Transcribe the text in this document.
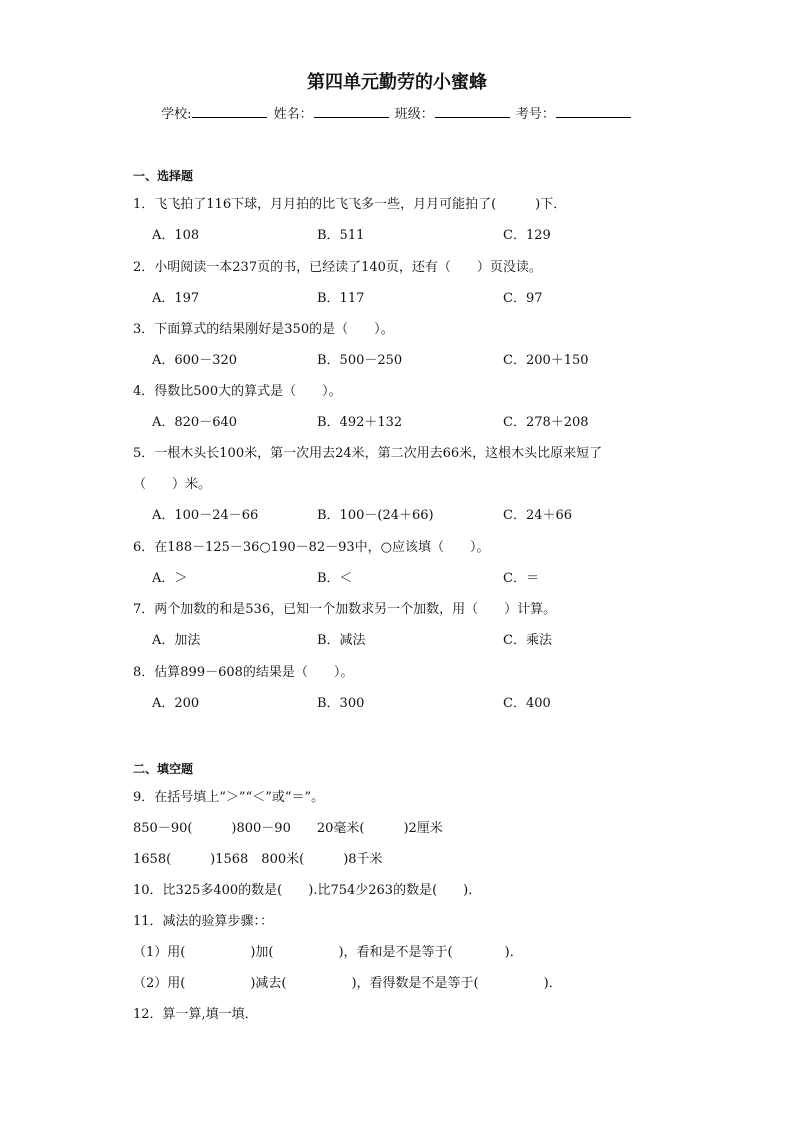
第四单元勤劳的小蜜蜂
学校:	姓名：	班级：	考号：
一、选择题
1．飞飞拍了116下球，月月拍的比飞飞多一些，月月可能拍了(　　　)下．
A．108	B．511	C．129
2．小明阅读一本237页的书，已经读了140页，还有（　　）页没读。
A．197	B．117	C．97
3．下面算式的结果刚好是350的是（　　）。
A．600－320	B．500－250	C．200＋150
4．得数比500大的算式是（　　）。
A．820－640	B．492＋132	C．278＋208
5．一根木头长100米，第一次用去24米，第二次用去66米，这根木头比原来短了
（　　）米。
A．100－24－66	B．100－(24＋66)	C．24＋66
6．在188－125－36○190－82－93中，○应该填（　　）。
A．＞	B．＜	C．＝
7．两个加数的和是536，已知一个加数求另一个加数，用（　　）计算。
A．加法	B．减法	C．乘法
8．估算899－608的结果是（　　）。
A．200	B．300	C．400
二、填空题
9．在括号填上“＞”“＜”或“＝”。
850－90(　　　)800－90　　20毫米(　　　)2厘米
1658(　　　)1568　800米(　　　)8千米
10．比325多400的数是(　　).比754少263的数是(　　)．
11．减法的验算步骤：：
（1）用(　　　　　)加(　　　　　)，看和是不是等于(　　　　)．
（2）用(　　　　　)减去(　　　　　)，看得数是不是等于(　　　　　)．
12．算一算,填一填．
